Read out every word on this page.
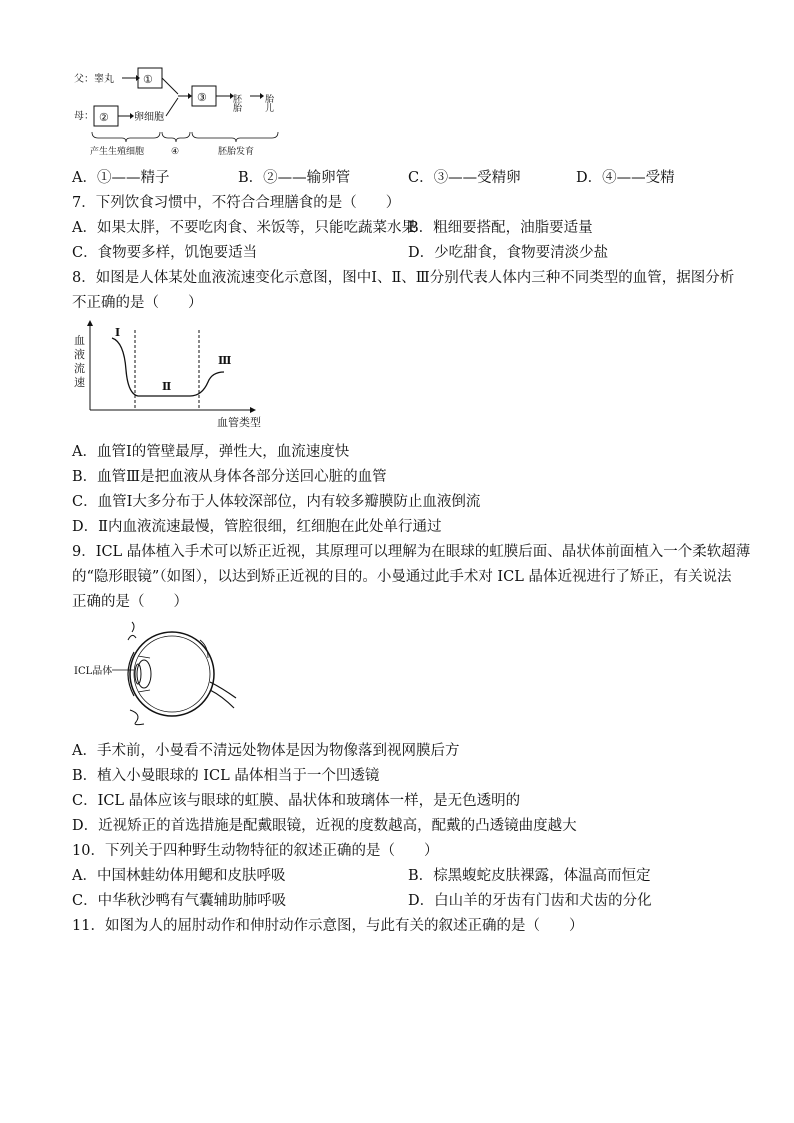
父：睾丸	①
母： ②	卵细胞
③	胚胎 胎儿
产生生殖细胞	④	胚胎发育
A．①——精子	B．②——输卵管	C．③——受精卵	D．④——受精
7．下列饮食习惯中，不符合合理膳食的是（　　）
A．如果太胖，不要吃肉食、米饭等，只能吃蔬菜水果
B．粗细要搭配，油脂要适量
C．食物要多样，饥饱要适当	D．少吃甜食，食物要清淡少盐
8．如图是人体某处血液流速变化示意图，图中Ⅰ、Ⅱ、Ⅲ分别代表人体内三种不同类型的血管，据图分析
不正确的是（　　）
血
液
流
速
Ⅰ
Ⅱ
Ⅲ
血管类型
A．血管Ⅰ的管壁最厚，弹性大，血流速度快
B．血管Ⅲ是把血液从身体各部分送回心脏的血管
C．血管Ⅰ大多分布于人体较深部位，内有较多瓣膜防止血液倒流
D．Ⅱ内血液流速最慢，管腔很细，红细胞在此处单行通过
9．ICL 晶体植入手术可以矫正近视，其原理可以理解为在眼球的虹膜后面、晶状体前面植入一个柔软超薄
的“隐形眼镜”（如图），以达到矫正近视的目的。小曼通过此手术对 ICL 晶体近视进行了矫正，有关说法
正确的是（　　）
ICL晶体
A．手术前，小曼看不清远处物体是因为物像落到视网膜后方
B．植入小曼眼球的 ICL 晶体相当于一个凹透镜
C．ICL 晶体应该与眼球的虹膜、晶状体和玻璃体一样，是无色透明的
D．近视矫正的首选措施是配戴眼镜，近视的度数越高，配戴的凸透镜曲度越大
10．下列关于四种野生动物特征的叙述正确的是（　　）
A．中国林蛙幼体用鳃和皮肤呼吸	B．棕黑蝮蛇皮肤裸露，体温高而恒定
C．中华秋沙鸭有气囊辅助肺呼吸	D．白山羊的牙齿有门齿和犬齿的分化
11．如图为人的屈肘动作和伸肘动作示意图，与此有关的叙述正确的是（　　）
